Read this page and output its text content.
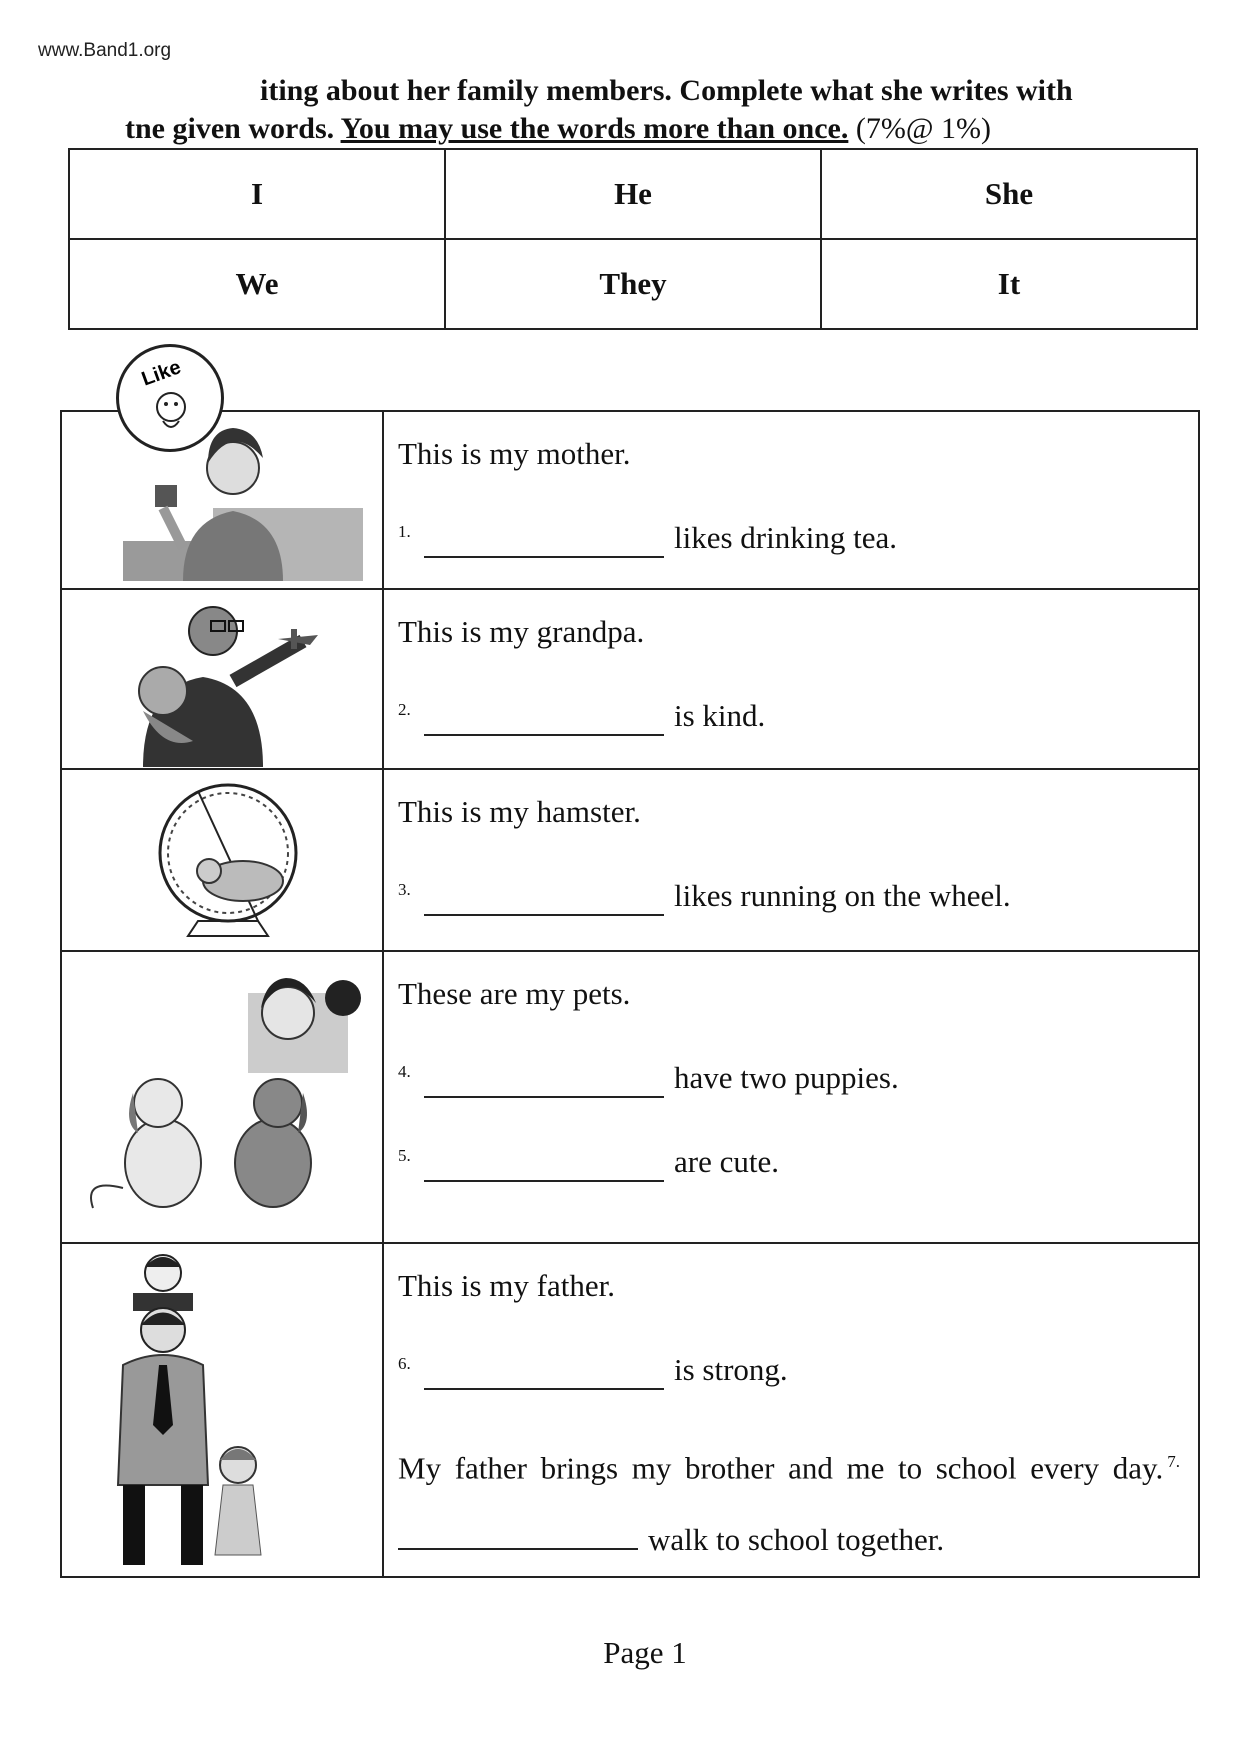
www.Band1.org
iting about her family members. Complete what she writes with
tne given words. You may use the words more than once. (7%@ 1%)
I	He	She
We	They	It
Like

This is my mother.
1. likes drinking tea.

This is my grandpa.
2. is kind.

This is my hamster.
3. likes running on the wheel.

These are my pets.
4. have two puppies.
5. are cute.

This is my father.
6. is strong.
My father brings my brother and me to school every day. $^{7.}$walk to school together.
Page 1
